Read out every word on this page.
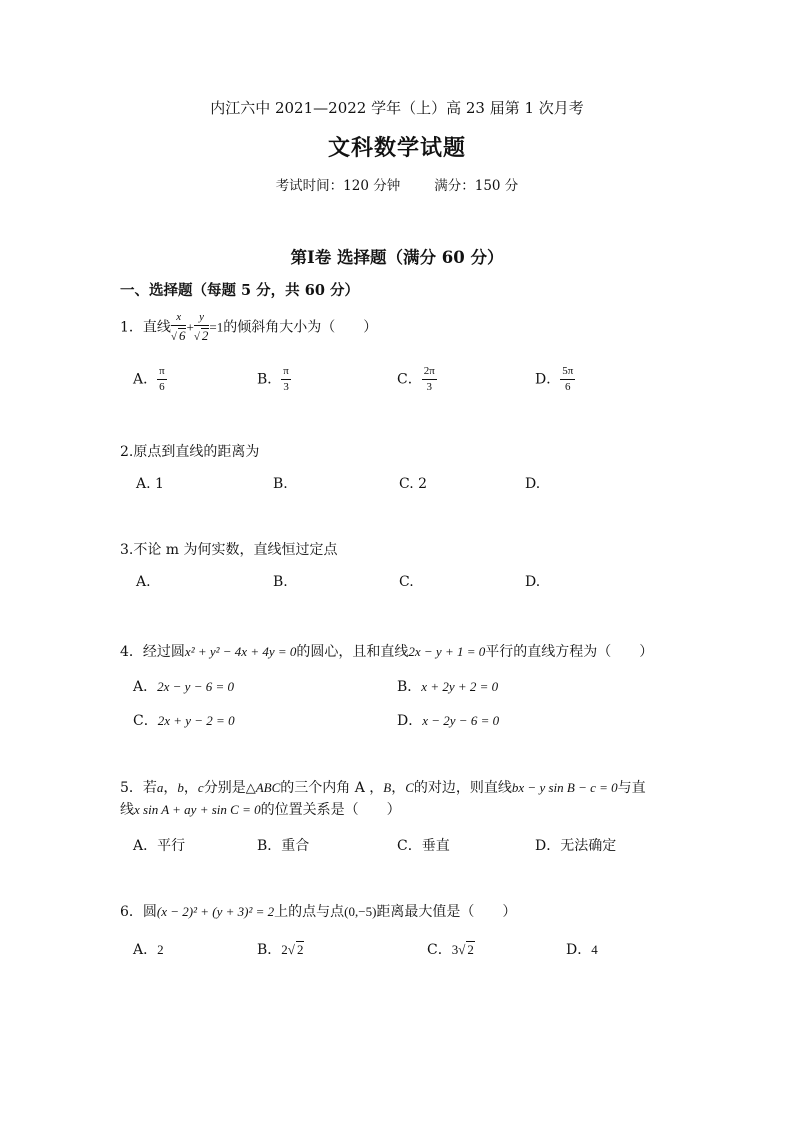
内江六中 2021—2022 学年（上）高 23 届第 1 次月考
文科数学试题
考试时间：120 分钟	满分：150 分
第Ⅰ卷 选择题（满分 60 分）
一、选择题（每题 5 分，共 60 分）
1．直线 $\frac{x}{√ 6} + \frac{y}{√ 2} =1$的倾斜角大小为（　　）
A． $\frac{\pi}{6}$	B． $\frac{\pi}{3}$	C． $\frac{2\pi}{3}$	D． $\frac{5\pi}{6}$
2.原点到直线的距离为
A. 1	B.	C. 2	D.
3.不论 m 为何实数，直线恒过定点
A.	B.	C.	D.
4．经过圆x² + y² − 4x + 4y = 0的圆心，且和直线2x − y + 1 = 0平行的直线方程为（　　）
A．2x − y − 6 = 0	B．x + 2y + 2 = 0
C．2x + y − 2 = 0	D．x − 2y − 6 = 0
5．若a，b，c分别是△ABC的三个内角 A ，B，C的对边，则直线bx − y sin B − c = 0与直
线x sin A + ay + sin C = 0的位置关系是（　　）
A．平行	B．重合	C．垂直	D．无法确定
6．圆(x − 2)² + (y + 3)² = 2上的点与点(0,−5)距离最大值是（　　）
A．2	B．2√ 2	C．3√ 2	D．4
